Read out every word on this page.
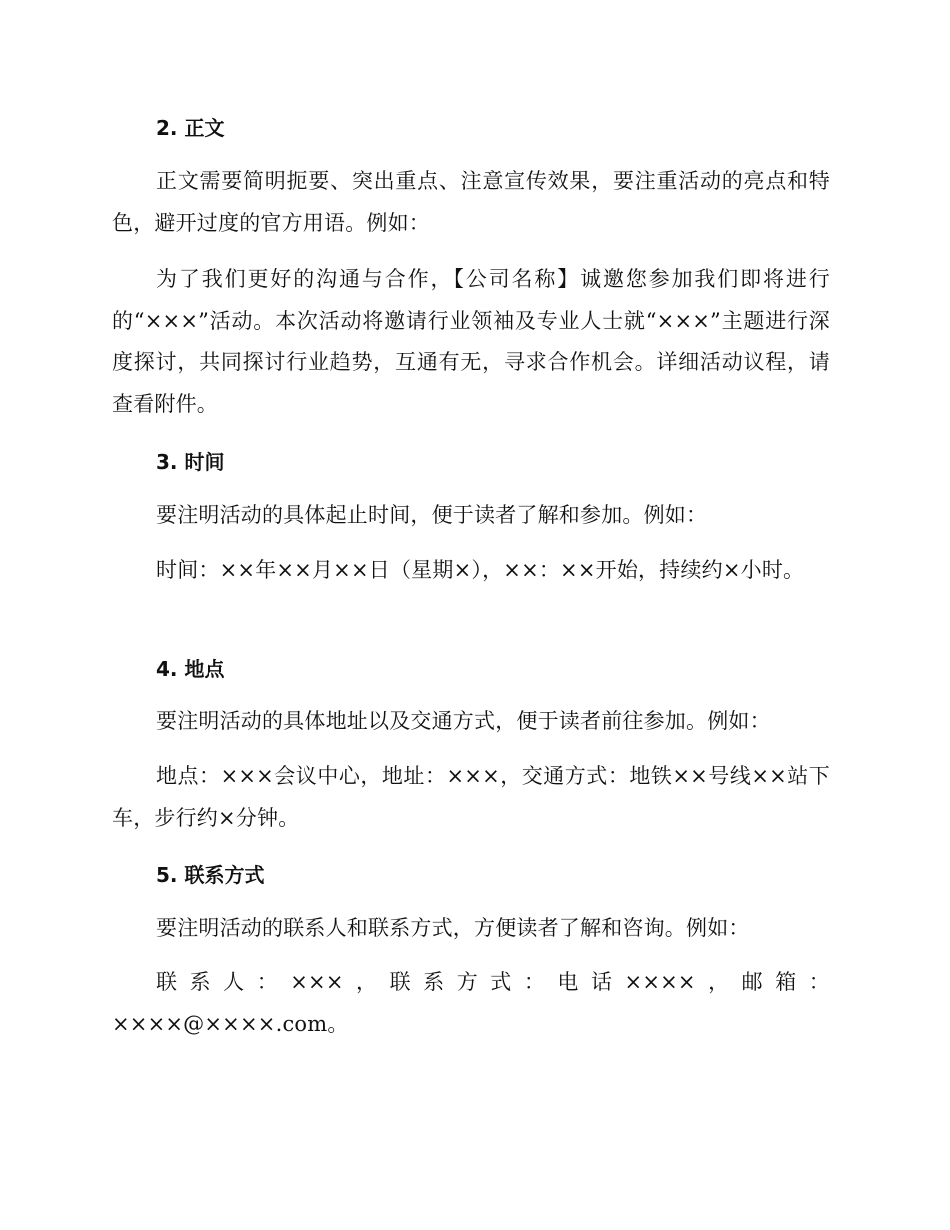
2. 正文

正文需要简明扼要、突出重点、注意宣传效果，要注重活动的亮点和特色，避开过度的官方用语。例如：

为了我们更好的沟通与合作，【公司名称】诚邀您参加我们即将进行的“×××”活动。本次活动将邀请行业领袖及专业人士就“×××”主题进行深度探讨，共同探讨行业趋势，互通有无，寻求合作机会。详细活动议程，请查看附件。

3. 时间

要注明活动的具体起止时间，便于读者了解和参加。例如：

时间：××年××月××日（星期×），××：××开始，持续约×小时。

4. 地点

要注明活动的具体地址以及交通方式，便于读者前往参加。例如：

地点：×××会议中心，地址：×××，交通方式：地铁××号线××站下车，步行约×分钟。

5. 联系方式

要注明活动的联系人和联系方式，方便读者了解和咨询。例如：

联系人：×××，联系方式：电话××××，邮箱：××××@××××.com。
